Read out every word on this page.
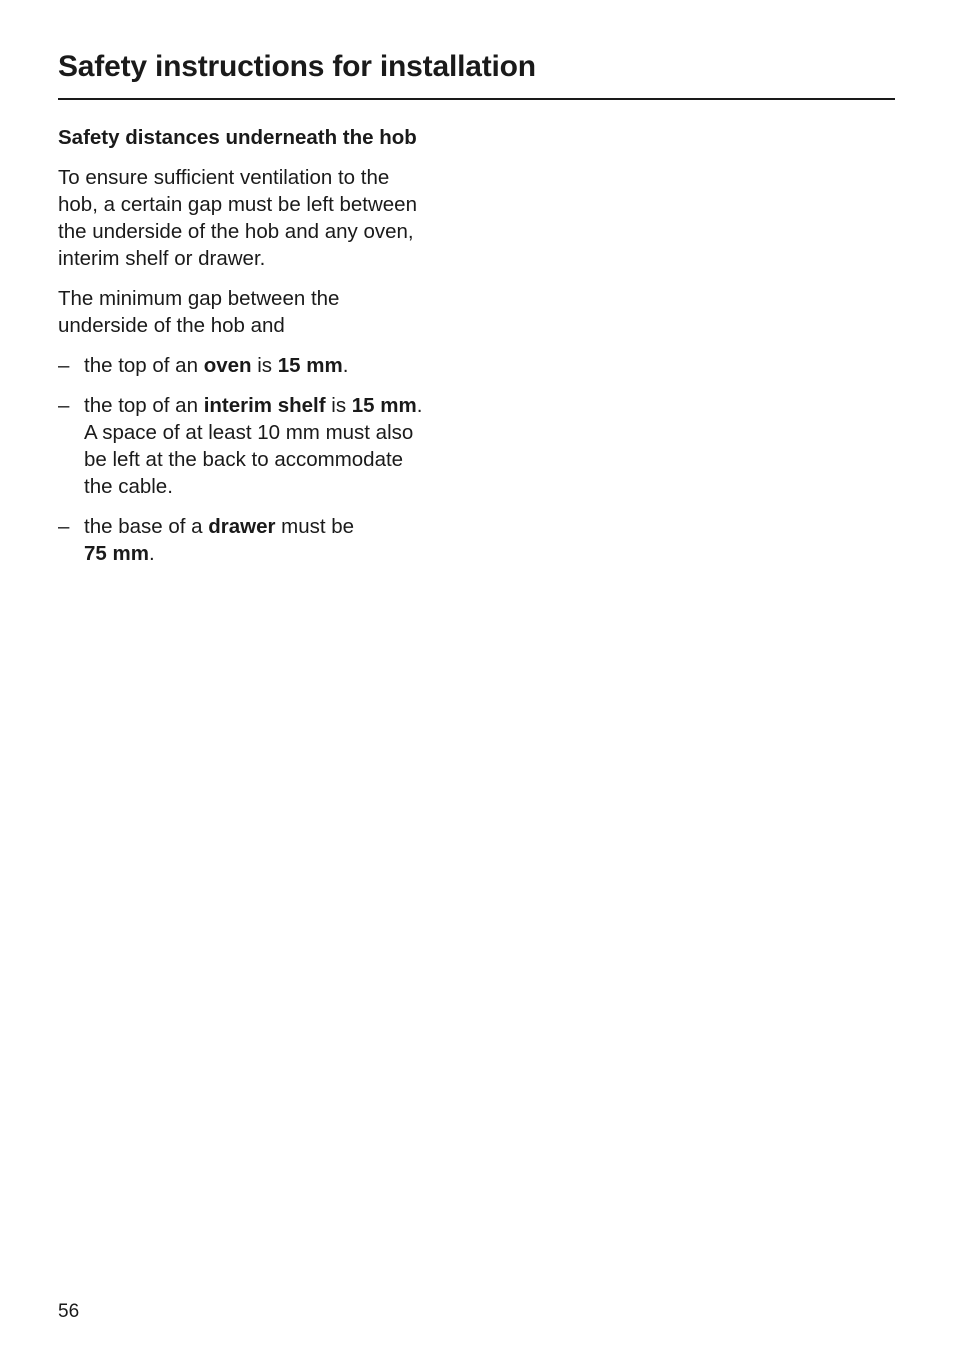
Safety instructions for installation
Safety distances underneath the hob

To ensure sufficient ventilation to the
hob, a certain gap must be left between
the underside of the hob and any oven,
interim shelf or drawer.

The minimum gap between the
underside of the hob and

– the top of an oven is 15 mm.
– the top of an interim shelf is 15 mm.
A space of at least 10 mm must also
be left at the back to accommodate
the cable.
– the base of a drawer must be
75 mm.
56
